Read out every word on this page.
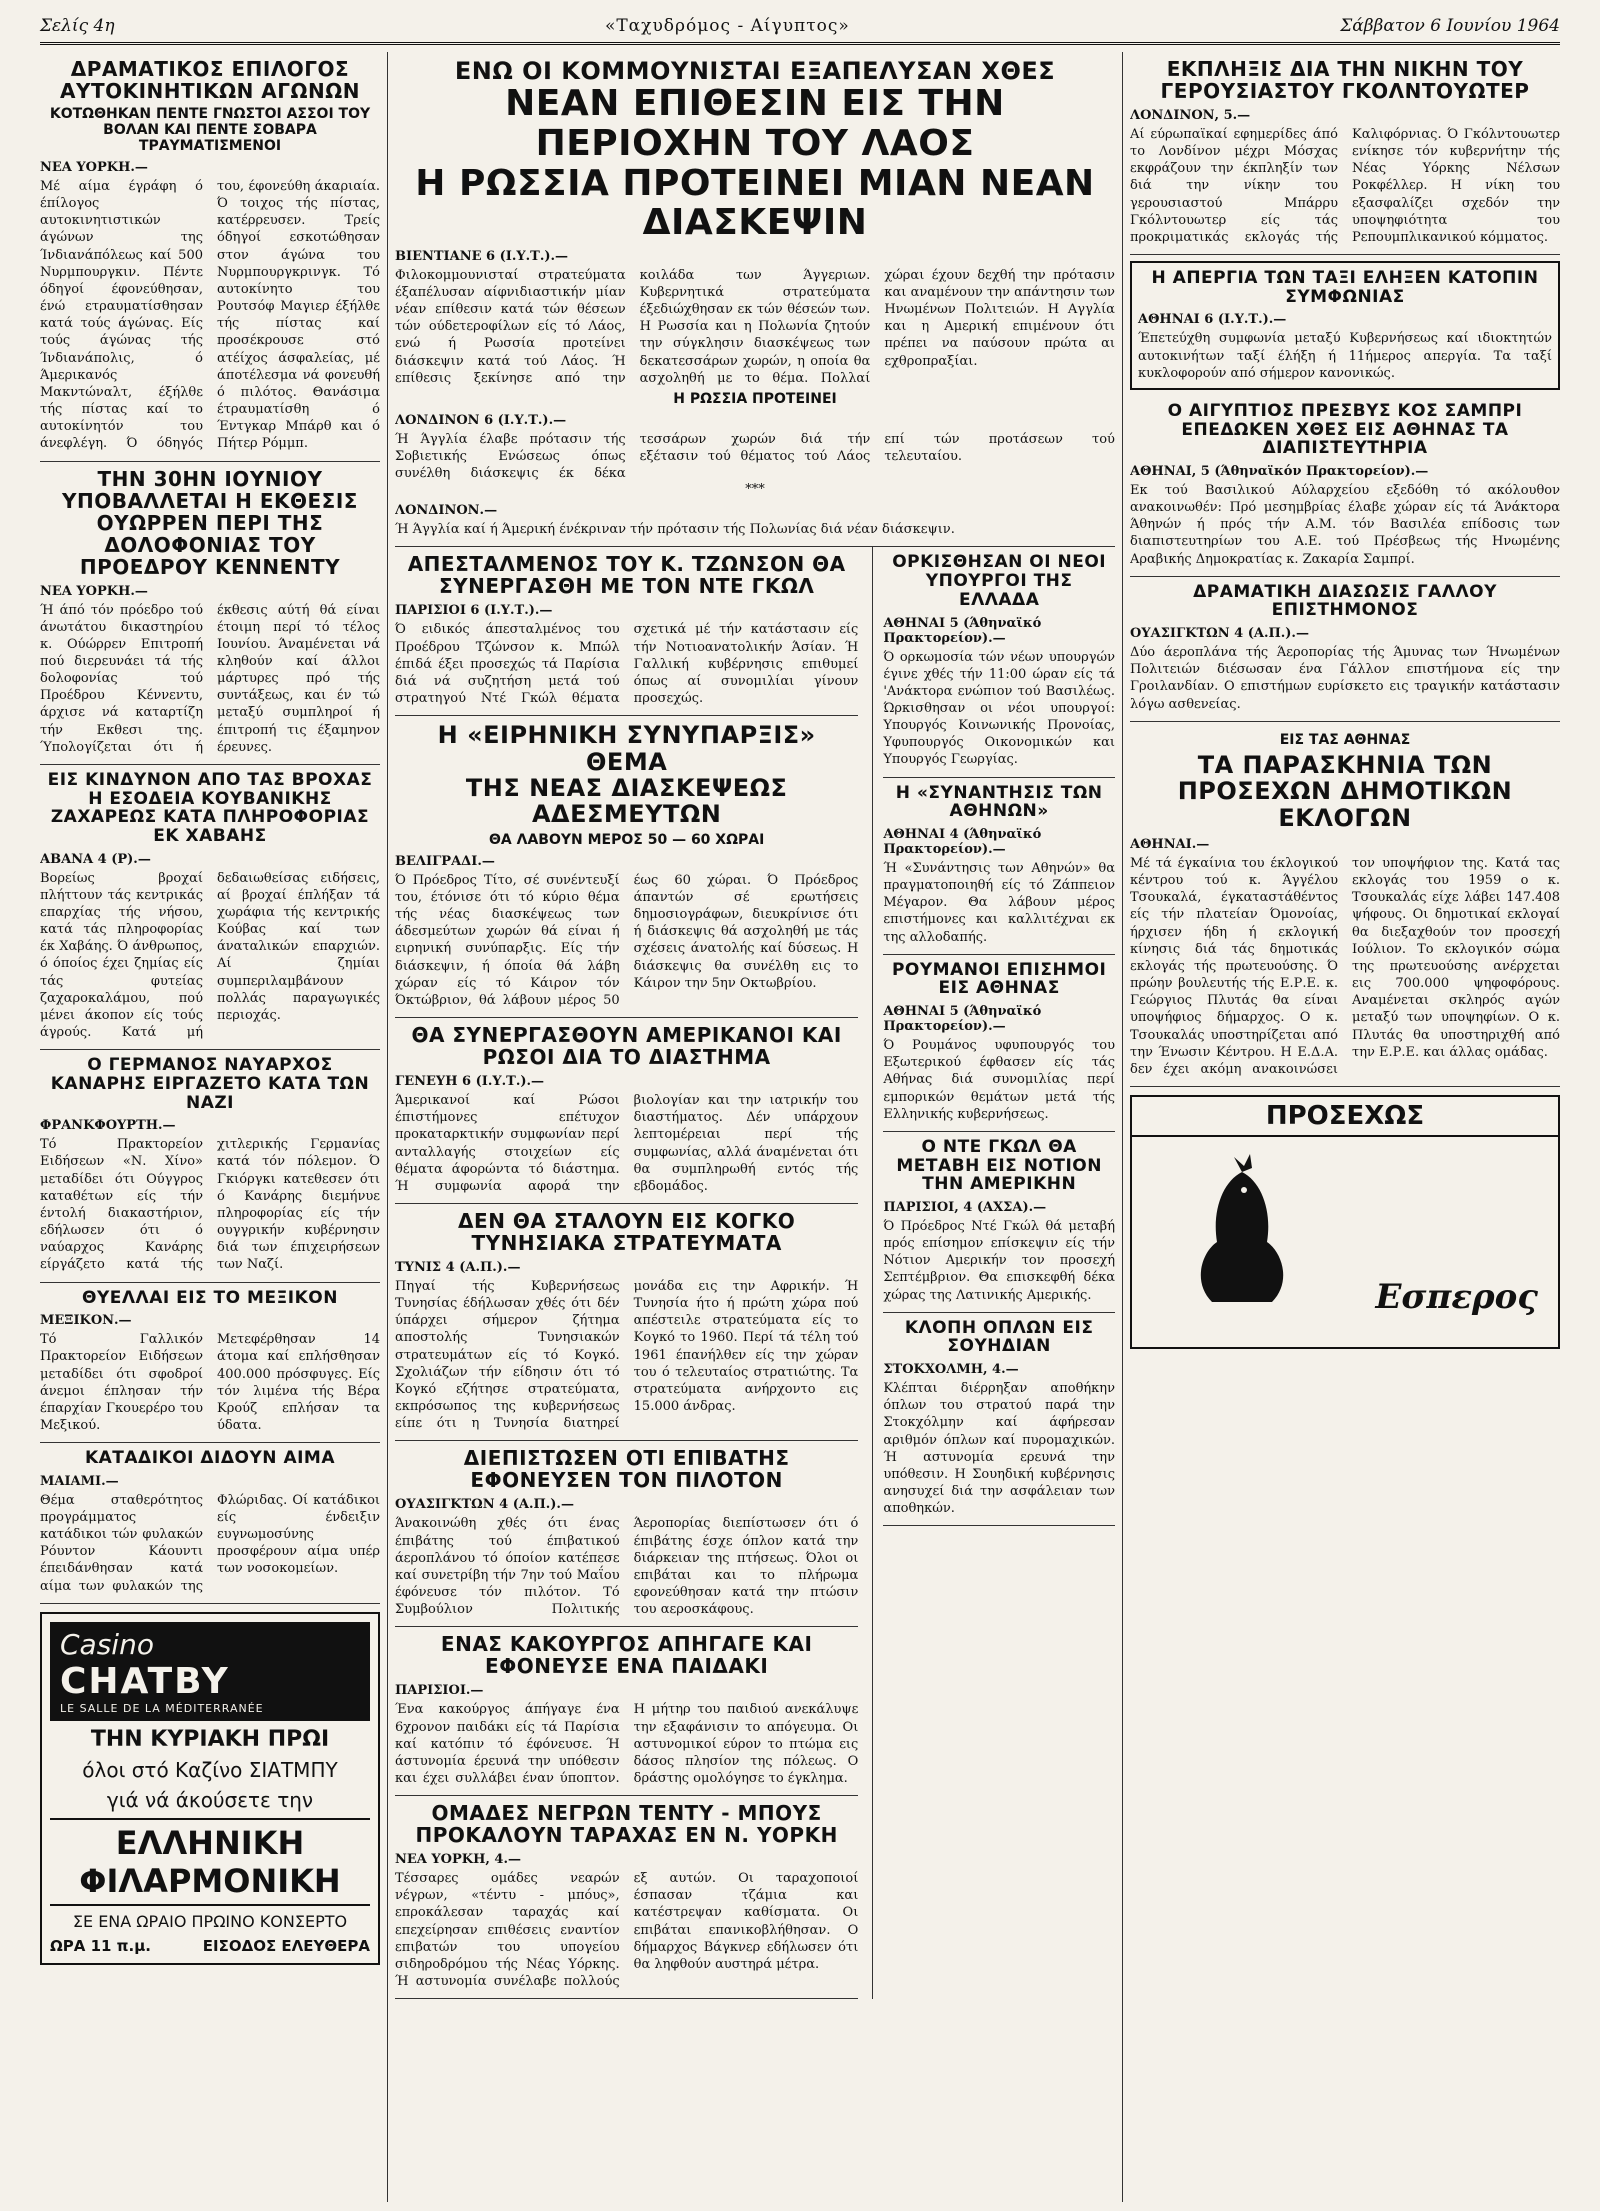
Σελίς 4η	«Ταχυδρόμος - Αίγυπτος»	Σάββατον 6 Ιουνίου 1964
ΔΡΑΜΑΤΙΚΟΣ ΕΠΙΛΟΓΟΣ ΑΥΤΟΚΙΝΗΤΙΚΩΝ ΑΓΩΝΩΝ
ΚΟΤΩΘΗΚΑΝ ΠΕΝΤΕ ΓΝΩΣΤΟΙ ΑΣΣΟΙ ΤΟΥ ΒΟΛΑΝ ΚΑΙ ΠΕΝΤΕ ΣΟΒΑΡΑ ΤΡΑΥΜΑΤΙΣΜΕΝΟΙ
ΝΕΑ ΥΟΡΚΗ.—
Μέ αίμα έγράφη ό έπίλογος αυτοκινητιστικών άγώνων της Ίνδιανάπόλεως καί 500 Νυρμπουργκιν. Πέντε όδηγοί έφονεύθησαν, ένώ ετραυματίσθησαν κατά τούς άγώνας. Είς τούς άγώνας τής Ίνδιανάπολις, ό Άμερικανός Μακντώναλτ, έξήλθε τής πίστας καί το αυτοκίνητόν του άνεφλέγη. Ό όδηγός του, έφονεύθη άκαριαία. Ό τοιχος τής πίστας, κατέρρευσεν. Τρείς όδηγοί εσκοτώθησαν στον άγώνα του Νυρμπουργκρινγκ. Τό αυτοκίνητο του Ρουτσόφ Μαγιερ έξήλθε τής πίστας καί προσέκρουσε στό ατέίχος άσφαλείας, μέ άποτέλεσμα νά φονευθή ό πιλότος. Θανάσιμα έτραυματίσθη ό Έντγκαρ Μπάρθ και ό Πήτερ Ρόμμπ.
ΤΗΝ 30ΗΝ ΙΟΥΝΙΟΥ ΥΠΟΒΑΛΛΕΤΑΙ Η ΕΚΘΕΣΙΣ ΟΥΩΡΡΕΝ ΠΕΡΙ ΤΗΣ ΔΟΛΟΦΟΝΙΑΣ ΤΟΥ ΠΡΟΕΔΡΟΥ ΚΕΝΝΕΝΤΥ
ΝΕΑ ΥΟΡΚΗ.—
Ή άπό τόν πρόεδρο τού άνωτάτου δικαστηρίου κ. Ούώρρεν Επιτροπή πού διερευνάει τά τής δολοφονίας τού Προέδρου Κέννεντυ, άρχισε νά καταρτίζη τήν Εκθεσι της. Ύπολογίζεται ότι ή έκθεσις αύτή θά είναι έτοιμη περί τό τέλος Ιουνίου. Άναμένεται νά κληθούν καί άλλοι μάρτυρες πρό τής συντάξεως, και έν τώ μεταξύ συμπληροί ή έπιτροπή τις έξαμηνον έρευνες.
ΕΙΣ ΚΙΝΔΥΝΟΝ ΑΠΟ ΤΑΣ ΒΡΟΧΑΣ Η ΕΣΟΔΕΙΑ ΚΟΥΒΑΝΙΚΗΣ ΖΑΧΑΡΕΩΣ ΚΑΤΑ ΠΛΗΡΟΦΟΡΙΑΣ ΕΚ ΧΑΒΑΗΣ
ΑΒΑΝΑ 4 (Ρ).—
Βορείως βροχαί πλήττουν τάς κεντρικάς επαρχίας τής νήσου, κατά τάς πληροφορίας έκ Χαβάης. Ό άνθρωπος, ό όποίος έχει ζημίας είς τάς φυτείας ζαχαροκαλάμου, πού μένει άκοπον είς τούς άγρούς. Κατά μή δεδαιωθείσας ειδήσεις, αί βροχαί έπλήξαν τά χωράφια τής κεντρικής Κούβας καί των άναταλικών επαρχιών. Αί ζημίαι συμπεριλαμβάνουν πολλάς παραγωγικές περιοχάς.
Ο ΓΕΡΜΑΝΟΣ ΝΑΥΑΡΧΟΣ ΚΑΝΑΡΗΣ ΕΙΡΓΑΖΕΤΟ ΚΑΤΑ ΤΩΝ ΝΑΖΙ
ΦΡΑΝΚΦΟΥΡΤΗ.—
Τό Πρακτορείον Ειδήσεων «Ν. Χίνο» μεταδίδει ότι Ούγγρος καταθέτων είς τήν έντολή διακαστήριον, εδήλωσεν ότι ό ναύαρχος Κανάρης είργάζετο κατά τής χιτλερικής Γερμανίας κατά τόν πόλεμον. Ό Γκιόργκι κατεθεσεν ότι ό Κανάρης διεμήνυε πληροφορίας είς τήν ουγγρικήν κυβέρνησιν διά των έπιχειρήσεων των Ναζί.
ΘΥΕΛΛΑΙ ΕΙΣ ΤΟ ΜΕΞΙΚΟΝ
ΜΕΞΙΚΟΝ.—
Τό Γαλλικόν Πρακτορείον Ειδήσεων μεταδίδει ότι σφοδροί άνεμοι έπλησαν τήν έπαρχίαν Γκουερέρο του Μεξικού. Μετεφέρθησαν 14 άτομα καί επλήσθησαν 400.000 πρόσφυγες. Είς τόν λιμένα τής Βέρα Κρούζ επλήσαν τα ύδατα.
ΚΑΤΑΔΙΚΟΙ ΔΙΔΟΥΝ ΑΙΜΑ
ΜΑΙΑΜΙ.—
Θέμα σταθερότητος προγράμματος κατάδικοι τών φυλακών Ρόυντον Κάουντι έπειδάνθησαν κατά αίμα των φυλακών της Φλώριδας. Οί κατάδικοι είς ένδειξιν ευγνωμοσύνης προσφέρουν αίμα υπέρ των νοσοκομείων.
Casino
CHATBY
LE SALLE DE LA MÉDITERRANÉE
ΤΗΝ ΚΥΡΙΑΚΗ ΠΡΩΙ
όλοι στό Καζίνο ΣΙΑΤΜΠΥ
γιά νά άκούσετε την
ΕΛΛΗΝΙΚΗ ΦΙΛΑΡΜΟΝΙΚΗ
ΣΕ ΕΝΑ ΩΡΑΙΟ ΠΡΩΙΝΟ ΚΟΝΣΕΡΤΟ
ΩΡΑ 11 π.μ.	ΕΙΣΟΔΟΣ ΕΛΕΥΘΕΡΑ
ΕΝΩ ΟΙ ΚΟΜΜΟΥΝΙΣΤΑΙ ΕΞΑΠΕΛΥΣΑΝ ΧΘΕΣ
ΝΕΑΝ ΕΠΙΘΕΣΙΝ ΕΙΣ ΤΗΝ ΠΕΡΙΟΧΗΝ ΤΟΥ ΛΑΟΣ
Η ΡΩΣΣΙΑ ΠΡΟΤΕΙΝΕΙ ΜΙΑΝ ΝΕΑΝ ΔΙΑΣΚΕΨΙΝ
ΒΙΕΝΤΙΑΝΕ 6 (Ι.Υ.Τ.).—
Φιλοκομμουνισταί στρατεύματα έξαπέλυσαν αίφνιδιαστικήν μίαν νέαν επίθεσιν κατά τών θέσεων τών ούδετεροφίλων είς τό Λάος, ενώ ή Ρωσσία προτείνει διάσκεψιν κατά τού Λάος. Ή επίθεσις ξεκίνησε από την κοιλάδα των Άγγεριων. Κυβερνητικά στρατεύματα έξεδιώχθησαν εκ τών θέσεών των. Η Ρωσσία και η Πολωνία ζητούν την σύγκλησιν διασκέψεως των δεκατεσσάρων χωρών, η οποία θα ασχοληθή με το θέμα. Πολλαί χώραι έχουν δεχθή την πρότασιν και αναμένουν την απάντησιν των Ηνωμένων Πολιτειών. Η Αγγλία και η Αμερική επιμένουν ότι πρέπει να παύσουν πρώτα αι εχθροπραξίαι.
Η ΡΩΣΣΙΑ ΠΡΟΤΕΙΝΕΙ
ΛΟΝΔΙΝΟΝ 6 (Ι.Υ.Τ.).—
Ή Άγγλία έλαβε πρότασιν τής Σοβιετικής Ενώσεως όπως συνέλθη διάσκεψις έκ δέκα τεσσάρων χωρών διά τήν εξέτασιν τού θέματος τού Λάος επί τών προτάσεων τού τελευταίου.
***
ΛΟΝΔΙΝΟΝ.—
Ή Άγγλία καί ή Άμερική ένέκριναν τήν πρότασιν τής Πολωνίας διά νέαν διάσκεψιν.
ΑΠΕΣΤΑΛΜΕΝΟΣ ΤΟΥ Κ. ΤΖΩΝΣΟΝ ΘΑ ΣΥΝΕΡΓΑΣΘΗ ΜΕ ΤΟΝ ΝΤΕ ΓΚΩΛ
ΠΑΡΙΣΙΟΙ 6 (Ι.Υ.Τ.).—
Ό ειδικός άπεσταλμένος του Προέδρου Τζώνσον κ. Μπώλ έπιδά έξει προσεχώς τά Παρίσια διά νά συζητήση μετά τού στρατηγού Ντέ Γκώλ θέματα σχετικά μέ τήν κατάστασιν είς τήν Νοτιοανατολικήν Άσίαν. Ή Γαλλική κυβέρνησις επιθυμεί όπως αί συνομιλίαι γίνουν προσεχώς.
Η «ΕΙΡΗΝΙΚΗ ΣΥΝΥΠΑΡΞΙΣ» ΘΕΜΑ
ΤΗΣ ΝΕΑΣ ΔΙΑΣΚΕΨΕΩΣ ΑΔΕΣΜΕΥΤΩΝ
ΘΑ ΛΑΒΟΥΝ ΜΕΡΟΣ 50 — 60 ΧΩΡΑΙ
ΒΕΛΙΓΡΑΔΙ.—
Ό Πρόεδρος Τίτο, σέ συνέντευξί του, έτόνισε ότι τό κύριο θέμα τής νέας διασκέψεως των άδεσμεύτων χωρών θά είναι ή ειρηνική συνύπαρξις. Είς τήν διάσκεψιν, ή όποία θά λάβη χώραν είς τό Κάιρον τόν Όκτώβριον, θά λάβουν μέρος 50 έως 60 χώραι. Ό Πρόεδρος άπαντών σέ ερωτήσεις δημοσιογράφων, διευκρίνισε ότι ή διάσκεψις θά ασχοληθή με τάς σχέσεις άνατολής καί δύσεως. Η διάσκεψις θα συνέλθη εις το Κάιρον την 5ην Οκτωβρίου.
ΘΑ ΣΥΝΕΡΓΑΣΘΟΥΝ ΑΜΕΡΙΚΑΝΟΙ ΚΑΙ ΡΩΣΟΙ ΔΙΑ ΤΟ ΔΙΑΣΤΗΜΑ
ΓΕΝΕΥΗ 6 (Ι.Υ.Τ.).—
Άμερικανοί καί Ρώσοι έπιστήμονες επέτυχον προκαταρκτικήν συμφωνίαν περί ανταλλαγής στοιχείων είς θέματα άφορώντα τό διάστημα. Ή συμφωνία αφορά την βιολογίαν και την ιατρικήν του διαστήματος. Δέν υπάρχουν λεπτομέρειαι περί τής συμφωνίας, αλλά άναμένεται ότι θα συμπληρωθή εντός τής εβδομάδος.
ΔΕΝ ΘΑ ΣΤΑΛΟΥΝ ΕΙΣ ΚΟΓΚΟ ΤΥΝΗΣΙΑΚΑ ΣΤΡΑΤΕΥΜΑΤΑ
ΤΥΝΙΣ 4 (Α.Π.).—
Πηγαί τής Κυβερνήσεως Τυνησίας έδήλωσαν χθές ότι δέν ύπάρχει σήμερον ζήτημα αποστολής Τυνησιακών στρατευμάτων είς τό Κογκό. Σχολιάζων τήν είδησιν ότι τό Κογκό εζήτησε στρατεύματα, εκπρόσωπος της κυβερνήσεως είπε ότι η Τυνησία διατηρεί μονάδα εις την Αφρικήν. Ή Τυνησία ήτο ή πρώτη χώρα πού απέστειλε στρατεύματα είς το Κογκό το 1960. Περί τά τέλη τού 1961 έπανήλθεν είς την χώραν του ό τελευταίος στρατιώτης. Τα στρατεύματα ανήρχοντο εις 15.000 άνδρας.
ΔΙΕΠΙΣΤΩΣΕΝ ΟΤΙ ΕΠΙΒΑΤΗΣ ΕΦΟΝΕΥΣΕΝ ΤΟΝ ΠΙΛΟΤΟΝ
ΟΥΑΣΙΓΚΤΩΝ 4 (Α.Π.).—
Άνακοινώθη χθές ότι ένας έπιβάτης τού έπιβατικού άεροπλάνου τό όποίον κατέπεσε καί συνετρίβη τήν 7ην τού Μαΐου έφόνευσε τόν πιλότον. Τό Συμβούλιον Πολιτικής Άεροπορίας διεπίστωσεν ότι ό έπιβάτης έσχε όπλον κατά την διάρκειαν της πτήσεως. Όλοι οι επιβάται και το πλήρωμα εφονεύθησαν κατά την πτώσιν του αεροσκάφους.
ΕΝΑΣ ΚΑΚΟΥΡΓΟΣ ΑΠΗΓΑΓΕ ΚΑΙ ΕΦΟΝΕΥΣΕ ΕΝΑ ΠΑΙΔΑΚΙ
ΠΑΡΙΣΙΟΙ.—
Ένα κακούργος άπήγαγε ένα 6χρονον παιδάκι είς τά Παρίσια καί κατόπιν τό έφόνευσε. Ή άστυνομία έρευνά την υπόθεσιν και έχει συλλάβει έναν ύποπτον. Η μήτηρ του παιδιού ανεκάλυψε την εξαφάνισιν το απόγευμα. Οι αστυνομικοί εύρον το πτώμα εις δάσος πλησίον της πόλεως. Ο δράστης ομολόγησε το έγκλημα.
ΟΜΑΔΕΣ ΝΕΓΡΩΝ ΤΕΝΤΥ - ΜΠΟΥΣ ΠΡΟΚΑΛΟΥΝ ΤΑΡΑΧΑΣ ΕΝ Ν. ΥΟΡΚΗ
ΝΕΑ ΥΟΡΚΗ, 4.—
Τέσσαρες ομάδες νεαρών νέγρων, «τέντυ - μπόυς», επροκάλεσαν ταραχάς καί επεχείρησαν επιθέσεις εναντίον επιβατών του υπογείου σιδηροδρόμου τής Νέας Υόρκης. Ή αστυνομία συνέλαβε πολλούς εξ αυτών. Οι ταραχοποιοί έσπασαν τζάμια και κατέστρεψαν καθίσματα. Οι επιβάται επανικοβλήθησαν. Ο δήμαρχος Βάγκνερ εδήλωσεν ότι θα ληφθούν αυστηρά μέτρα.
ΟΡΚΙΣΘΗΣΑΝ ΟΙ ΝΕΟΙ ΥΠΟΥΡΓΟΙ ΤΗΣ ΕΛΛΑΔΑ
ΑΘΗΝΑΙ 5 (Άθηναϊκό Πρακτορείον).—
Ό ορκωμοσία τών νέων υπουργών έγινε χθές τήν 11:00 ώραν είς τά 'Ανάκτορα ενώπιον τού Βασιλέως. Ώρκισθησαν οι νέοι υπουργοί: Υπουργός Κοινωνικής Προνοίας, Υφυπουργός Οικονομικών και Υπουργός Γεωργίας.
Η «ΣΥΝΑΝΤΗΣΙΣ ΤΩΝ ΑΘΗΝΩΝ»
ΑΘΗΝΑΙ 4 (Άθηναϊκό Πρακτορείον).—
Ή «Συνάντησις των Αθηνών» θα πραγματοποιηθή είς τό Ζάππειον Μέγαρον. Θα λάβουν μέρος επιστήμονες και καλλιτέχναι εκ της αλλοδαπής.
ΡΟΥΜΑΝΟΙ ΕΠΙΣΗΜΟΙ ΕΙΣ ΑΘΗΝΑΣ
ΑΘΗΝΑΙ 5 (Άθηναϊκό Πρακτορείον).—
Ό Ρουμάνος υφυπουργός του Εξωτερικού έφθασεν είς τάς Αθήνας διά συνομιλίας περί εμπορικών θεμάτων μετά τής Ελληνικής κυβερνήσεως.
Ο ΝΤΕ ΓΚΩΛ ΘΑ ΜΕΤΑΒΗ ΕΙΣ ΝΟΤΙΟΝ ΤΗΝ ΑΜΕΡΙΚΗΝ
ΠΑΡΙΣΙΟΙ, 4 (ΑΧΣΑ).—
Ό Πρόεδρος Ντέ Γκώλ θά μεταβή πρός επίσημον επίσκεψιν είς τήν Νότιον Αμερικήν τον προσεχή Σεπτέμβριον. Θα επισκεφθή δέκα χώρας της Λατινικής Αμερικής.
ΚΛΟΠΗ ΟΠΛΩΝ ΕΙΣ ΣΟΥΗΔΙΑΝ
ΣΤΟΚΧΟΛΜΗ, 4.—
Κλέπται διέρρηξαν αποθήκην όπλων του στρατού παρά την Στοκχόλμην καί άφήρεσαν αριθμόν όπλων καί πυρομαχικών. Ή αστυνομία ερευνά την υπόθεσιν. Η Σουηδική κυβέρνησις ανησυχεί διά την ασφάλειαν των αποθηκών.
ΕΚΠΛΗΞΙΣ ΔΙΑ ΤΗΝ ΝΙΚΗΝ ΤΟΥ ΓΕΡΟΥΣΙΑΣΤΟΥ ΓΚΟΛΝΤΟΥΩΤΕΡ
ΛΟΝΔΙΝΟΝ, 5.—
Αί εύρωπαϊκαί εφημερίδες άπό το Λονδίνον μέχρι Μόσχας εκφράζουν την έκπληξίν των διά την νίκην του γερουσιαστού Μπάρρυ Γκόλντουωτερ είς τάς προκριματικάς εκλογάς τής Καλιφόρνιας. Ό Γκόλντουωτερ ενίκησε τόν κυβερνήτην τής Νέας Υόρκης Νέλσων Ροκφέλλερ. Η νίκη του εξασφαλίζει σχεδόν την υποψηφιότητα του Ρεπουμπλικανικού κόμματος.
Η ΑΠΕΡΓΙΑ ΤΩΝ ΤΑΞΙ ΕΛΗΞΕΝ ΚΑΤΟΠΙΝ ΣΥΜΦΩΝΙΑΣ
ΑΘΗΝΑΙ 6 (Ι.Υ.Τ.).—
Έπετεύχθη συμφωνία μεταξύ Κυβερνήσεως καί ιδιοκτητών αυτοκινήτων ταξί έλήξη ή 11ήμερος απεργία. Τα ταξί κυκλοφορούν από σήμερον κανονικώς.
Ο ΑΙΓΥΠΤΙΟΣ ΠΡΕΣΒΥΣ ΚΟΣ ΣΑΜΠΡΙ ΕΠΕΔΩΚΕΝ ΧΘΕΣ ΕΙΣ ΑΘΗΝΑΣ ΤΑ ΔΙΑΠΙΣΤΕΥΤΗΡΙΑ
ΑΘΗΝΑΙ, 5 (Άθηναϊκόν Πρακτορείον).—
Εκ τού Βασιλικού Αύλαρχείου εξεδόθη τό ακόλουθον ανακοινωθέν: Πρό μεσημβρίας έλαβε χώραν είς τά Άνάκτορα Άθηνών ή πρός τήν Α.Μ. τόν Βασιλέα επίδοσις των διαπιστευτηρίων του Α.Ε. τού Πρέσβεως τής Ηνωμένης Αραβικής Δημοκρατίας κ. Ζακαρία Σαμπρί.
ΔΡΑΜΑΤΙΚΗ ΔΙΑΣΩΣΙΣ ΓΑΛΛΟΥ ΕΠΙΣΤΗΜΟΝΟΣ
ΟΥΑΣΙΓΚΤΩΝ 4 (Α.Π.).—
Δύο άεροπλάνα τής Άεροπορίας τής Άμυνας των Ήνωμένων Πολιτειών διέσωσαν ένα Γάλλον επιστήμονα είς την Γροιλανδίαν. Ο επιστήμων ευρίσκετο εις τραγικήν κατάστασιν λόγω ασθενείας.
ΕΙΣ ΤΑΣ ΑΘΗΝΑΣ
ΤΑ ΠΑΡΑΣΚΗΝΙΑ ΤΩΝ ΠΡΟΣΕΧΩΝ ΔΗΜΟΤΙΚΩΝ ΕΚΛΟΓΩΝ
ΑΘΗΝΑΙ.—
Μέ τά έγκαίνια του έκλογικού κέντρου τού κ. Άγγέλου Τσουκαλά, έγκαταστάθέντος είς τήν πλατείαν Όμονοίας, ήρχισεν ήδη ή εκλογική κίνησις διά τάς δημοτικάς εκλογάς τής πρωτευούσης. Ό πρώην βουλευτής τής Ε.Ρ.Ε. κ. Γεώργιος Πλυτάς θα είναι υποψήφιος δήμαρχος. Ο κ. Τσουκαλάς υποστηρίζεται από την Ένωσιν Κέντρου. Η Ε.Δ.Α. δεν έχει ακόμη ανακοινώσει τον υποψήφιον της. Κατά τας εκλογάς του 1959 ο κ. Τσουκαλάς είχε λάβει 147.408 ψήφους. Οι δημοτικαί εκλογαί θα διεξαχθούν τον προσεχή Ιούλιον. Το εκλογικόν σώμα της πρωτευούσης ανέρχεται εις 700.000 ψηφοφόρους. Αναμένεται σκληρός αγών μεταξύ των υποψηφίων. Ο κ. Πλυτάς θα υποστηριχθή από την Ε.Ρ.Ε. και άλλας ομάδας.
ΠΡΟΣΕΧΩΣ
Εσπερος
